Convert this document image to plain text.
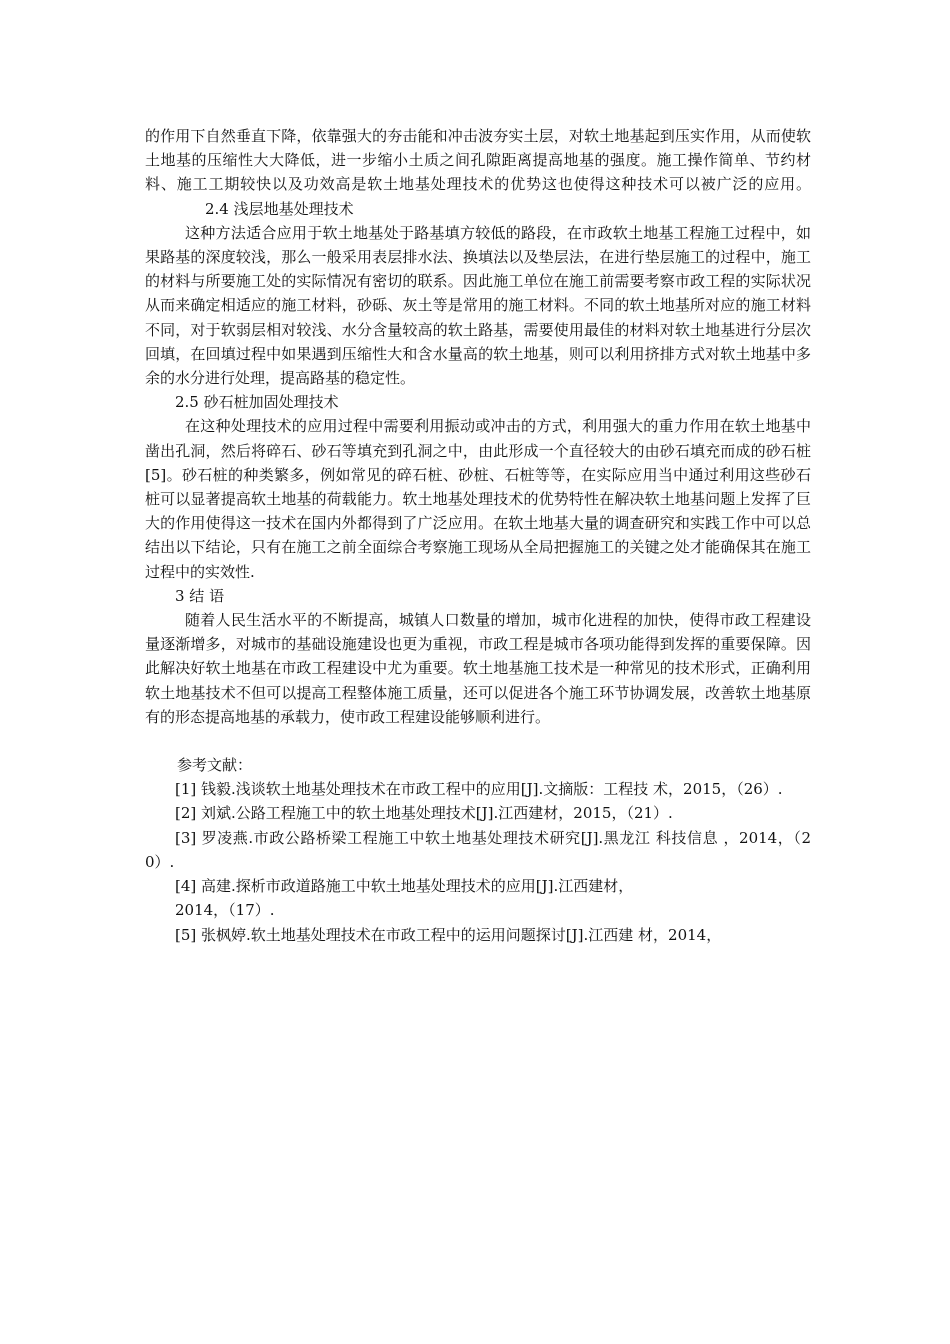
的作用下自然垂直下降，依靠强大的夯击能和冲击波夯实土层，对软土地基起到压实作用，从而使软土地基的压缩性大大降低，进一步缩小土质之间孔隙距离提高地基的强度。施工操作简单、节约材料、施工工期较快以及功效高是软土地基处理技术的优势这也使得这种技术可以被广泛的应用。2.4 浅层地基处理技术

这种方法适合应用于软土地基处于路基填方较低的路段，在市政软土地基工程施工过程中，如果路基的深度较浅，那么一般采用表层排水法、换填法以及垫层法，在进行垫层施工的过程中，施工的材料与所要施工处的实际情况有密切的联系。因此施工单位在施工前需要考察市政工程的实际状况从而来确定相适应的施工材料，砂砾、灰土等是常用的施工材料。不同的软土地基所对应的施工材料不同，对于软弱层相对较浅、水分含量较高的软土路基，需要使用最佳的材料对软土地基进行分层次回填，在回填过程中如果遇到压缩性大和含水量高的软土地基，则可以利用挤排方式对软土地基中多余的水分进行处理，提高路基的稳定性。

2.5 砂石桩加固处理技术

在这种处理技术的应用过程中需要利用振动或冲击的方式，利用强大的重力作用在软土地基中凿出孔洞，然后将碎石、砂石等填充到孔洞之中，由此形成一个直径较大的由砂石填充而成的砂石桩[5]。砂石桩的种类繁多，例如常见的碎石桩、砂桩、石桩等等，在实际应用当中通过利用这些砂石桩可以显著提高软土地基的荷载能力。软土地基处理技术的优势特性在解决软土地基问题上发挥了巨大的作用使得这一技术在国内外都得到了广泛应用。在软土地基大量的调查研究和实践工作中可以总结出以下结论，只有在施工之前全面综合考察施工现场从全局把握施工的关键之处才能确保其在施工过程中的实效性.

3 结 语

随着人民生活水平的不断提高，城镇人口数量的增加，城市化进程的加快，使得市政工程建设量逐渐增多，对城市的基础设施建设也更为重视，市政工程是城市各项功能得到发挥的重要保障。因此解决好软土地基在市政工程建设中尤为重要。软土地基施工技术是一种常见的技术形式，正确利用软土地基技术不但可以提高工程整体施工质量，还可以促进各个施工环节协调发展，改善软土地基原有的形态提高地基的承载力，使市政工程建设能够顺利进行。

参考文献：

[1] 钱毅.浅谈软土地基处理技术在市政工程中的应用[J].文摘版：工程技 术，2015，（26）.

[2] 刘斌.公路工程施工中的软土地基处理技术[J].江西建材，2015，（21）.

[3] 罗凌燕.市政公路桥梁工程施工中软土地基处理技术研究[J].黑龙江 科技信息 ，2014，（20）.

[4] 高建.探析市政道路施工中软土地基处理技术的应用[J].江西建材，

2014，（17）.

[5] 张枫婷.软土地基处理技术在市政工程中的运用问题探讨[J].江西建 材，2014，
